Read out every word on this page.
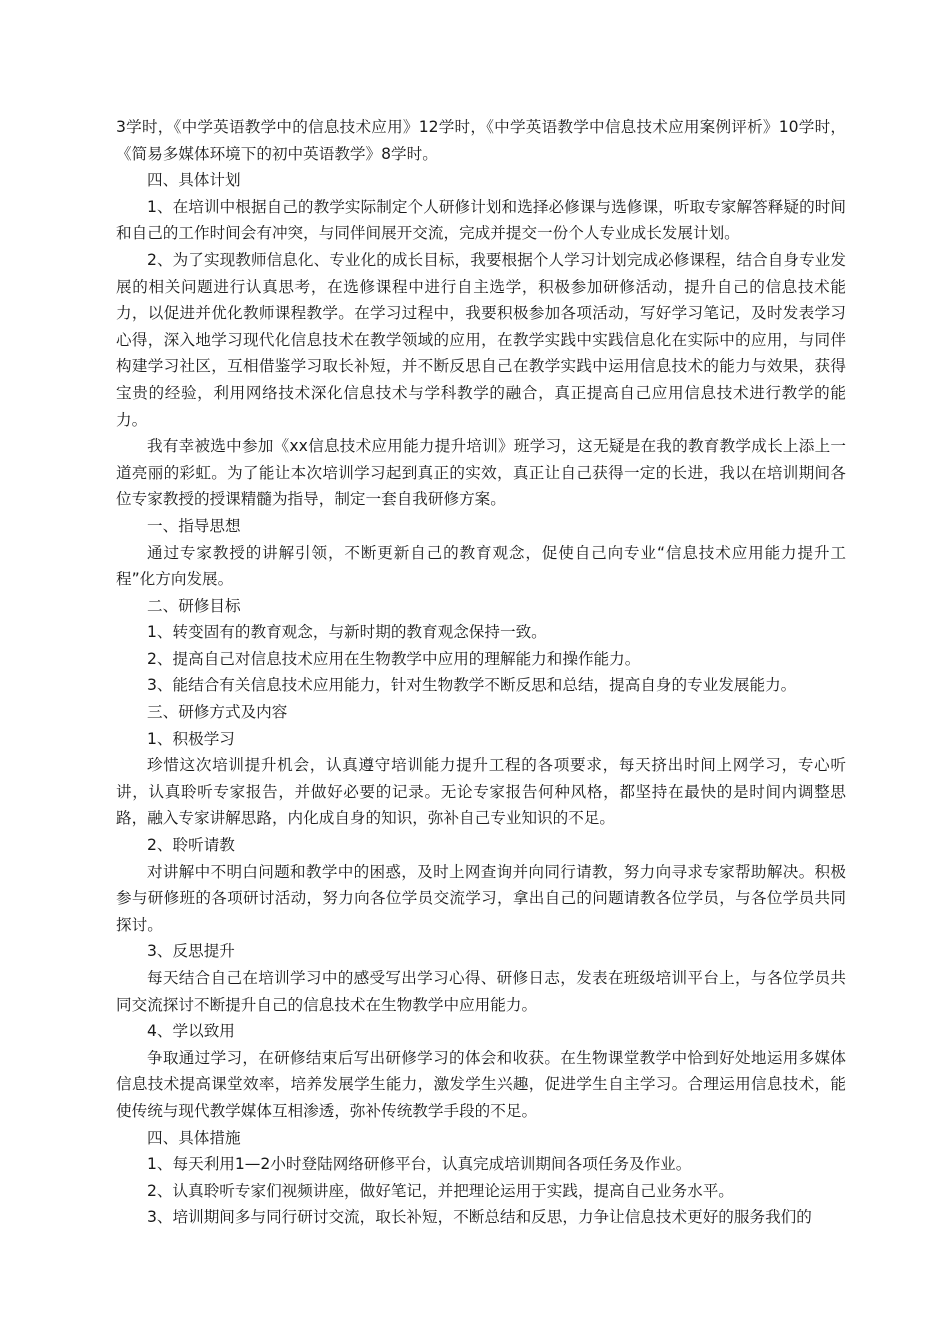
3学时，《中学英语教学中的信息技术应用》12学时，《中学英语教学中信息技术应用案例评析》10学时，《简易多媒体环境下的初中英语教学》8学时。

四、具体计划

1、在培训中根据自己的教学实际制定个人研修计划和选择必修课与选修课，听取专家解答释疑的时间和自己的工作时间会有冲突，与同伴间展开交流，完成并提交一份个人专业成长发展计划。

2、为了实现教师信息化、专业化的成长目标，我要根据个人学习计划完成必修课程，结合自身专业发展的相关问题进行认真思考，在选修课程中进行自主选学，积极参加研修活动，提升自己的信息技术能力，以促进并优化教师课程教学。在学习过程中，我要积极参加各项活动，写好学习笔记，及时发表学习心得，深入地学习现代化信息技术在教学领域的应用，在教学实践中实践信息化在实际中的应用，与同伴构建学习社区，互相借鉴学习取长补短，并不断反思自己在教学实践中运用信息技术的能力与效果，获得宝贵的经验，利用网络技术深化信息技术与学科教学的融合，真正提高自己应用信息技术进行教学的能力。

我有幸被选中参加《xx信息技术应用能力提升培训》班学习，这无疑是在我的教育教学成长上添上一道亮丽的彩虹。为了能让本次培训学习起到真正的实效，真正让自己获得一定的长进，我以在培训期间各位专家教授的授课精髓为指导，制定一套自我研修方案。

一、指导思想

通过专家教授的讲解引领，不断更新自己的教育观念，促使自己向专业“信息技术应用能力提升工程”化方向发展。

二、研修目标

1、转变固有的教育观念，与新时期的教育观念保持一致。

2、提高自己对信息技术应用在生物教学中应用的理解能力和操作能力。

3、能结合有关信息技术应用能力，针对生物教学不断反思和总结，提高自身的专业发展能力。

三、研修方式及内容

1、积极学习

珍惜这次培训提升机会，认真遵守培训能力提升工程的各项要求，每天挤出时间上网学习，专心听讲，认真聆听专家报告，并做好必要的记录。无论专家报告何种风格，都坚持在最快的是时间内调整思路，融入专家讲解思路，内化成自身的知识，弥补自己专业知识的不足。

2、聆听请教

对讲解中不明白问题和教学中的困惑，及时上网查询并向同行请教，努力向寻求专家帮助解决。积极参与研修班的各项研讨活动，努力向各位学员交流学习，拿出自己的问题请教各位学员，与各位学员共同探讨。

3、反思提升

每天结合自己在培训学习中的感受写出学习心得、研修日志，发表在班级培训平台上，与各位学员共同交流探讨不断提升自己的信息技术在生物教学中应用能力。

4、学以致用

争取通过学习，在研修结束后写出研修学习的体会和收获。在生物课堂教学中恰到好处地运用多媒体信息技术提高课堂效率，培养发展学生能力，激发学生兴趣，促进学生自主学习。合理运用信息技术，能使传统与现代教学媒体互相渗透，弥补传统教学手段的不足。

四、具体措施

1、每天利用1—2小时登陆网络研修平台，认真完成培训期间各项任务及作业。

2、认真聆听专家们视频讲座，做好笔记，并把理论运用于实践，提高自己业务水平。

3、培训期间多与同行研讨交流，取长补短，不断总结和反思，力争让信息技术更好的服务我们的
